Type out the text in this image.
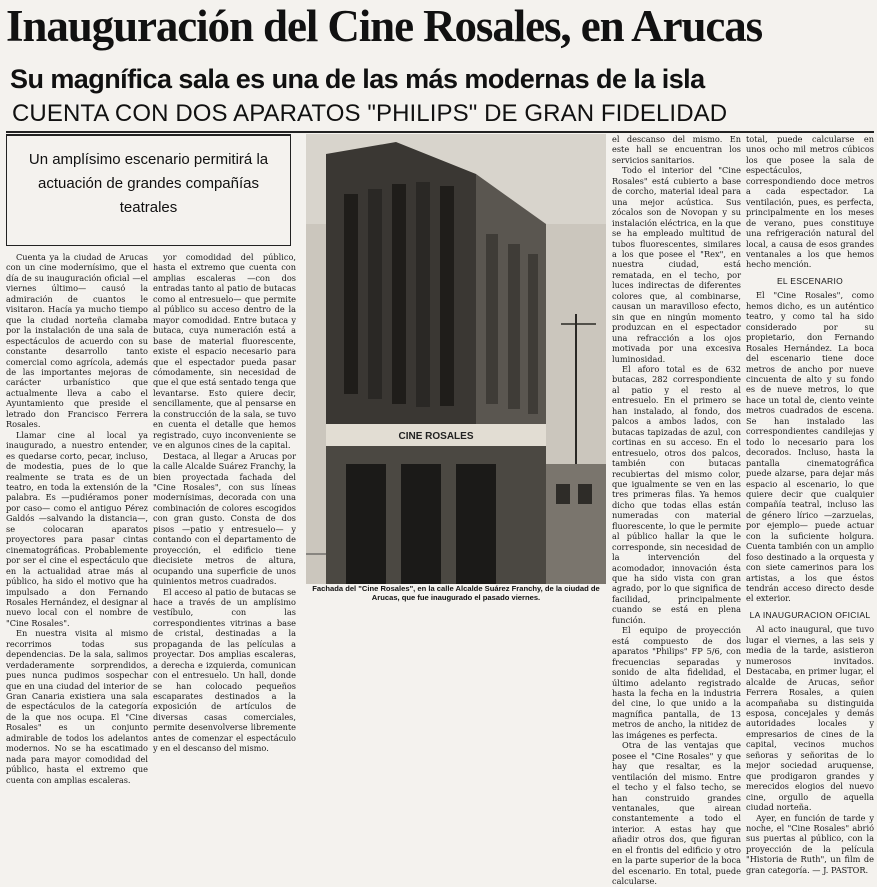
Inauguración del Cine Rosales, en Arucas
Su magnífica sala es una de las más modernas de la isla
CUENTA CON DOS APARATOS "PHILIPS" DE GRAN FIDELIDAD
Un amplísimo escenario permitirá la actuación de grandes compañías teatrales

Cuenta ya la ciudad de Arucas con un cine modernísimo, que el día de su inauguración oficial —el viernes último— causó la admiración de cuantos le visitaron. Hacía ya mucho tiempo que la ciudad norteña clamaba por la instalación de una sala de espectáculos de acuerdo con su constante desarrollo tanto comercial como agrícola, además de las importantes mejoras de carácter urbanístico que actualmente lleva a cabo el Ayuntamiento que preside el letrado don Francisco Ferrera Rosales.

Llamar cine al local ya inaugurado, a nuestro entender, es quedarse corto, pecar, incluso, de modestia, pues de lo que realmente se trata es de un teatro, en toda la extensión de la palabra. Es —pudiéramos poner por caso— como el antiguo Pérez Galdós —salvando la distancia—, se colocaran aparatos proyectores para pasar cintas cinematográficas. Probablemente por ser el cine el espectáculo que en la actualidad atrae más al público, ha sido el motivo que ha impulsado a don Fernando Rosales Hernández, el designar al nuevo local con el nombre de "Cine Rosales".

En nuestra visita al mismo recorrimos todas sus dependencias. De la sala, salimos verdaderamente sorprendidos, pues nunca pudimos sospechar que en una ciudad del interior de Gran Canaria existiera una sala de espectáculos de la categoría de la que nos ocupa. El "Cine Rosales" es un conjunto admirable de todos los adelantos modernos. No se ha escatimado nada para mayor comodidad del público, hasta el extremo que cuenta con amplias escaleras.

yor comodidad del público, hasta el extremo que cuenta con amplias escaleras —con dos entradas tanto al patio de butacas como al entresuelo— que permite al público su acceso dentro de la mayor comodidad. Entre butaca y butaca, cuya numeración está a base de material fluorescente, existe el espacio necesario para que el espectador pueda pasar cómodamente, sin necesidad de que el que está sentado tenga que levantarse. Esto quiere decir, sencillamente, que al pensarse en la construcción de la sala, se tuvo en cuenta el detalle que hemos registrado, cuyo inconveniente se ve en algunos cines de la capital.

Destaca, al llegar a Arucas por la calle Alcalde Suárez Franchy, la bien proyectada fachada del "Cine Rosales", con sus líneas modernísimas, decorada con una combinación de colores escogidos con gran gusto. Consta de dos pisos —patio y entresuelo— y contando con el departamento de proyección, el edificio tiene diecisiete metros de altura, ocupando una superficie de unos quinientos metros cuadrados.

El acceso al patio de butacas se hace a través de un amplísimo vestíbulo, con las correspondientes vitrinas a base de cristal, destinadas a la propaganda de las películas a proyectar. Dos amplias escaleras, a derecha e izquierda, comunican con el entresuelo. Un hall, donde se han colocado pequeños escaparates destinados a la exposición de artículos de diversas casas comerciales, permite desenvolverse libremente antes de comenzar el espectáculo y en el descanso del mismo.

CINE ROSALES
Fachada del "Cine Rosales", en la calle Alcalde Suárez Franchy, de la ciudad de Arucas, que fue inaugurado el pasado viernes.

el descanso del mismo. En este hall se encuentran los servicios sanitarios.

Todo el interior del "Cine Rosales" está cubierto a base de corcho, material ideal para una mejor acústica. Sus zócalos son de Novopan y su instalación eléctrica, en la que se ha empleado multitud de tubos fluorescentes, similares a los que posee el "Rex", en nuestra ciudad, está rematada, en el techo, por luces indirectas de diferentes colores que, al combinarse, causan un maravilloso efecto, sin que en ningún momento produzcan en el espectador una refracción a los ojos motivada por una excesiva luminosidad.

El aforo total es de 632 butacas, 282 correspondiente al patio y el resto al entresuelo. En el primero se han instalado, al fondo, dos palcos a ambos lados, con butacas tapizadas de azul, con cortinas en su acceso. En el entresuelo, otros dos palcos, también con butacas recubiertas del mismo color, que igualmente se ven en las tres primeras filas. Ya hemos dicho que todas ellas están numeradas con material fluorescente, lo que le permite al público hallar la que le corresponde, sin necesidad de la intervención del acomodador, innovación ésta que ha sido vista con gran agrado, por lo que significa de facilidad, principalmente cuando se está en plena función.

El equipo de proyección está compuesto de dos aparatos "Philips" FP 5/6, con frecuencias separadas y sonido de alta fidelidad, el último adelanto registrado hasta la fecha en la industria del cine, lo que unido a la magnífica pantalla, de 13 metros de ancho, la nitidez de las imágenes es perfecta.

Otra de las ventajas que posee el "Cine Rosales" y que hay que resaltar, es la ventilación del mismo. Entre el techo y el falso techo, se han construido grandes ventanales, que airean constantemente a todo el interior. A estas hay que añadir otros dos, que figuran en el frontis del edificio y otro en la parte superior de la boca del escenario. En total, puede calcularse.

total, puede calcularse en unos ocho mil metros cúbicos los que posee la sala de espectáculos, correspondiendo doce metros a cada espectador. La ventilación, pues, es perfecta, principalmente en los meses de verano, pues constituye una refrigeración natural del local, a causa de esos grandes ventanales a los que hemos hecho mención.

EL ESCENARIO

El "Cine Rosales", como hemos dicho, es un auténtico teatro, y como tal ha sido considerado por su propietario, don Fernando Rosales Hernández. La boca del escenario tiene doce metros de ancho por nueve cincuenta de alto y su fondo es de nueve metros, lo que hace un total de, ciento veinte metros cuadrados de escena. Se han instalado las correspondientes candilejas y todo lo necesario para los decorados. Incluso, hasta la pantalla cinematográfica puede alzarse, para dejar más espacio al escenario, lo que quiere decir que cualquier compañía teatral, incluso las de género lírico —zarzuelas, por ejemplo— puede actuar con la suficiente holgura. Cuenta también con un amplio foso destinado a la orquesta y con siete camerinos para los artistas, a los que éstos tendrán acceso directo desde el exterior.

LA INAUGURACION OFICIAL

Al acto inaugural, que tuvo lugar el viernes, a las seis y media de la tarde, asistieron numerosos invitados. Destacaba, en primer lugar, el alcalde de Arucas, señor Ferrera Rosales, a quien acompañaba su distinguida esposa, concejales y demás autoridades locales y empresarios de cines de la capital, vecinos muchos señoras y señoritas de lo mejor sociedad aruquense, que prodigaron grandes y merecidos elogios del nuevo cine, orgullo de aquella ciudad norteña.

Ayer, en función de tarde y noche, el "Cine Rosales" abrió sus puertas al público, con la proyección de la película "Historia de Ruth", un film de gran categoría. — J. PASTOR.
